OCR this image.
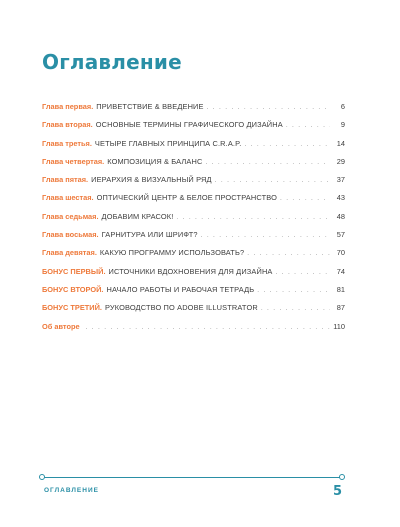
Оглавление
Глава первая. ПРИВЕТСТВИЕ & ВВЕДЕНИЕ . . .	6
Глава вторая. ОСНОВНЫЕ ТЕРМИНЫ ГРАФИЧЕСКОГО ДИЗАЙНА . . .	9
Глава третья. ЧЕТЫРЕ ГЛАВНЫХ ПРИНЦИПА C.R.A.P. . . .	14
Глава четвертая. КОМПОЗИЦИЯ & БАЛАНС . . .	29
Глава пятая. ИЕРАРХИЯ & ВИЗУАЛЬНЫЙ РЯД . . .	37
Глава шестая. ОПТИЧЕСКИЙ ЦЕНТР & БЕЛОЕ ПРОСТРАНСТВО . . .	43
Глава седьмая. ДОБАВИМ КРАСОК! . . .	48
Глава восьмая. ГАРНИТУРА ИЛИ ШРИФТ? . . .	57
Глава девятая. КАКУЮ ПРОГРАММУ ИСПОЛЬЗОВАТЬ? . . .	70
БОНУС ПЕРВЫЙ. ИСТОЧНИКИ ВДОХНОВЕНИЯ ДЛЯ ДИЗАЙНА . . .	74
БОНУС ВТОРОЙ. НАЧАЛО РАБОТЫ И РАБОЧАЯ ТЕТРАДЬ . . .	81
БОНУС ТРЕТИЙ. РУКОВОДСТВО ПО ADOBE ILLUSTRATOR . . .	87
Об авторе . . .	110
ОГЛАВЛЕНИЕ	5
